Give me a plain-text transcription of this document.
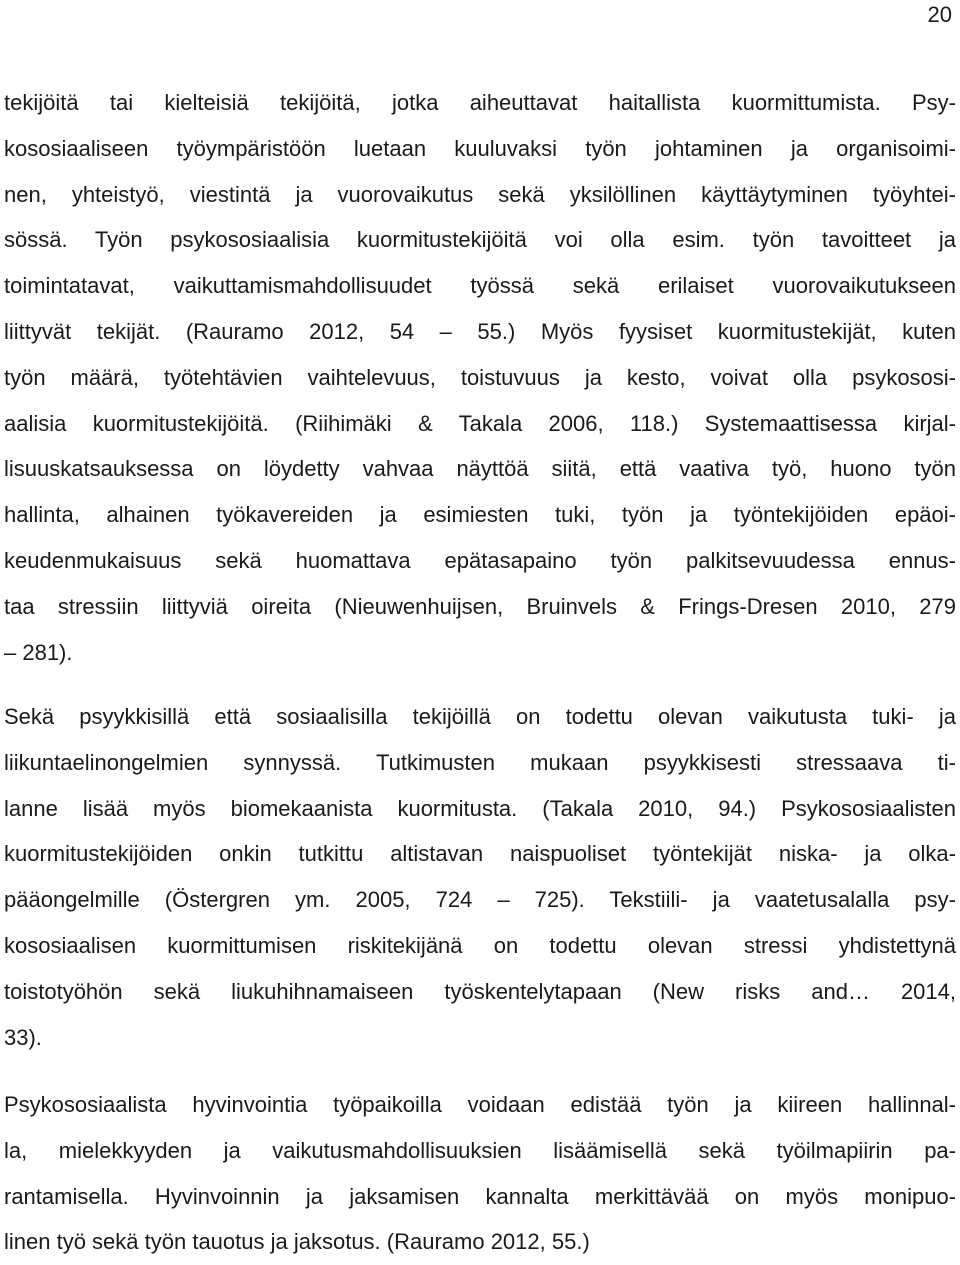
20
tekijöitä tai kielteisiä tekijöitä, jotka aiheuttavat haitallista kuormittumista. Psy-
kososiaaliseen työympäristöön luetaan kuuluvaksi työn johtaminen ja organisoimi-
nen, yhteistyö, viestintä ja vuorovaikutus sekä yksilöllinen käyttäytyminen työyhtei-
sössä. Työn psykososiaalisia kuormitustekijöitä voi olla esim. työn tavoitteet ja
toimintatavat, vaikuttamismahdollisuudet työssä sekä erilaiset vuorovaikutukseen
liittyvät tekijät. (Rauramo 2012, 54 – 55.) Myös fyysiset kuormitustekijät, kuten
työn määrä, työtehtävien vaihtelevuus, toistuvuus ja kesto, voivat olla psykososi-
aalisia kuormitustekijöitä. (Riihimäki & Takala 2006, 118.) Systemaattisessa kirjal-
lisuuskatsauksessa on löydetty vahvaa näyttöä siitä, että vaativa työ, huono työn
hallinta, alhainen työkavereiden ja esimiesten tuki, työn ja työntekijöiden epäoi-
keudenmukaisuus sekä huomattava epätasapaino työn palkitsevuudessa ennus-
taa stressiin liittyviä oireita (Nieuwenhuijsen, Bruinvels & Frings-Dresen 2010, 279
– 281).
Sekä psyykkisillä että sosiaalisilla tekijöillä on todettu olevan vaikutusta tuki- ja
liikuntaelinongelmien synnyssä. Tutkimusten mukaan psyykkisesti stressaava ti-
lanne lisää myös biomekaanista kuormitusta. (Takala 2010, 94.) Psykososiaalisten
kuormitustekijöiden onkin tutkittu altistavan naispuoliset työntekijät niska- ja olka-
pääongelmille (Östergren ym. 2005, 724 – 725). Tekstiili- ja vaatetusalalla psy-
kososiaalisen kuormittumisen riskitekijänä on todettu olevan stressi yhdistettynä
toistotyöhön sekä liukuhihnamaiseen työskentelytapaan (New risks and… 2014,
33).
Psykososiaalista hyvinvointia työpaikoilla voidaan edistää työn ja kiireen hallinnal-
la, mielekkyyden ja vaikutusmahdollisuuksien lisäämisellä sekä työilmapiirin pa-
rantamisella. Hyvinvoinnin ja jaksamisen kannalta merkittävää on myös monipuo-
linen työ sekä työn tauotus ja jaksotus. (Rauramo 2012, 55.)
